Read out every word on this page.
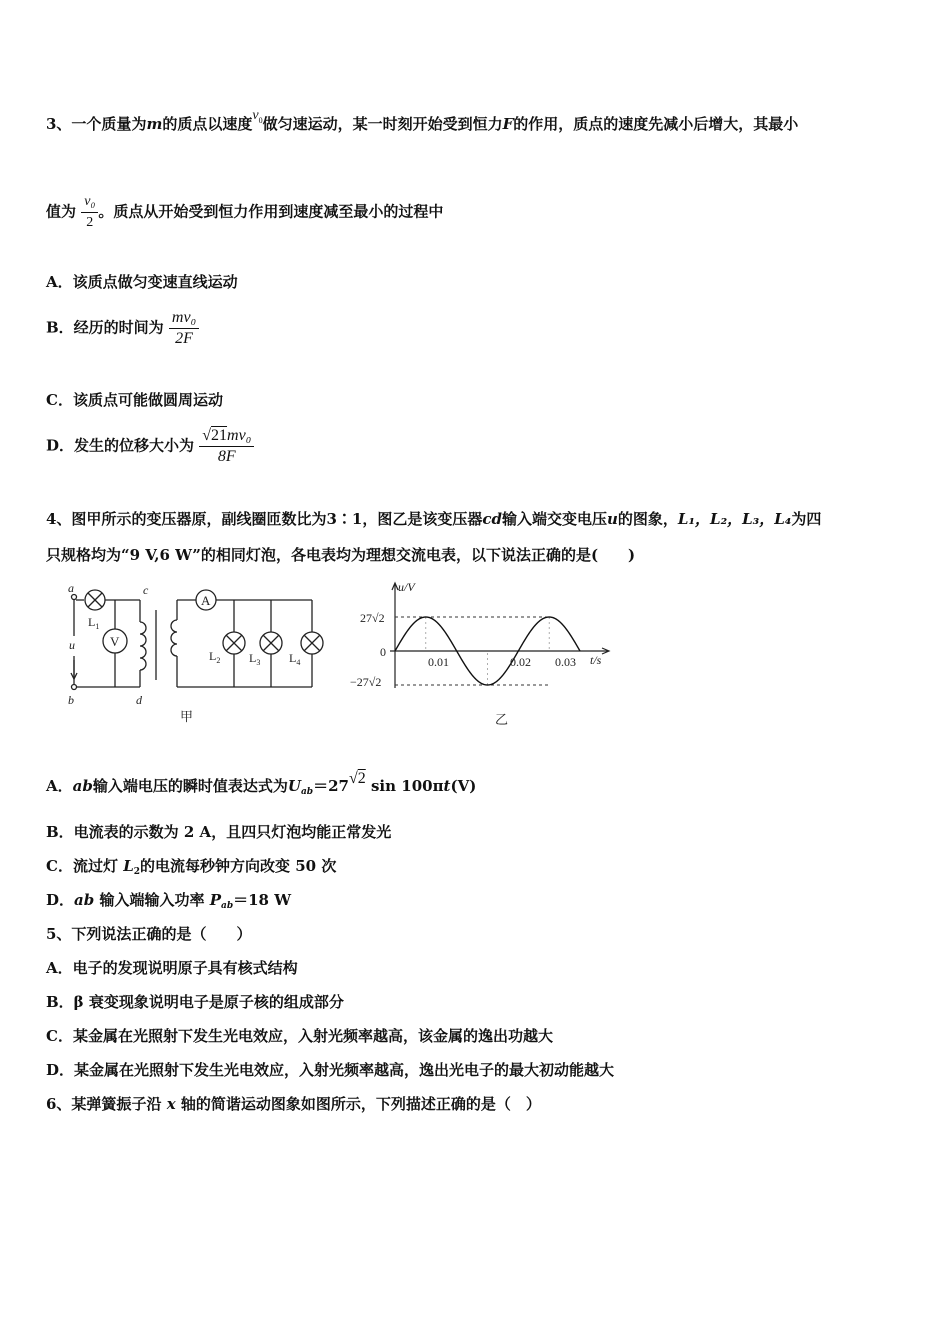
3、一个质量为m的质点以速度$v_0$做匀速运动，某一时刻开始受到恒力F的作用，质点的速度先减小后增大，其最小
值为 $\frac{\text{v₀}}{2}$ 。质点从开始受到恒力作用到速度减至最小的过程中
A．该质点做匀变速直线运动
B．经历的时间为 $\frac{\text{mv₀}}{2F}$
C．该质点可能做圆周运动
D．发生的位移大小为 $\frac{\text{√21mv₀}}{8F}$
4、图甲所示的变压器原，副线圈匝数比为3∶1，图乙是该变压器cd输入端交变电压u的图象，L₁，L₂，L₃，L₄为四
只规格均为“9 V,6 W”的相同灯泡，各电表均为理想交流电表，以下说法正确的是(　　)
a
b
c
d
u
$L_1$
V
A
$L_2$ $L_3$ $L_4$
甲
u/V
t/s
0
27√2
−27√2
0.01	0.02 0.03
乙
A．ab输入端电压的瞬时值表达式为$U_{ab}=27√2$ sin 100πt(V)
B．电流表的示数为 2 A，且四只灯泡均能正常发光
C．流过灯 $L_2$的电流每秒钟方向改变 50 次
D．ab 输入端输入功率 $P_{ab}=18$ W
5、下列说法正确的是（　　）
A．电子的发现说明原子具有核式结构
B．β 衰变现象说明电子是原子核的组成部分
C．某金属在光照射下发生光电效应，入射光频率越高，该金属的逸出功越大
D．某金属在光照射下发生光电效应，入射光频率越高，逸出光电子的最大初动能越大
6、某弹簧振子沿 x 轴的简谐运动图象如图所示，下列描述正确的是（　）
